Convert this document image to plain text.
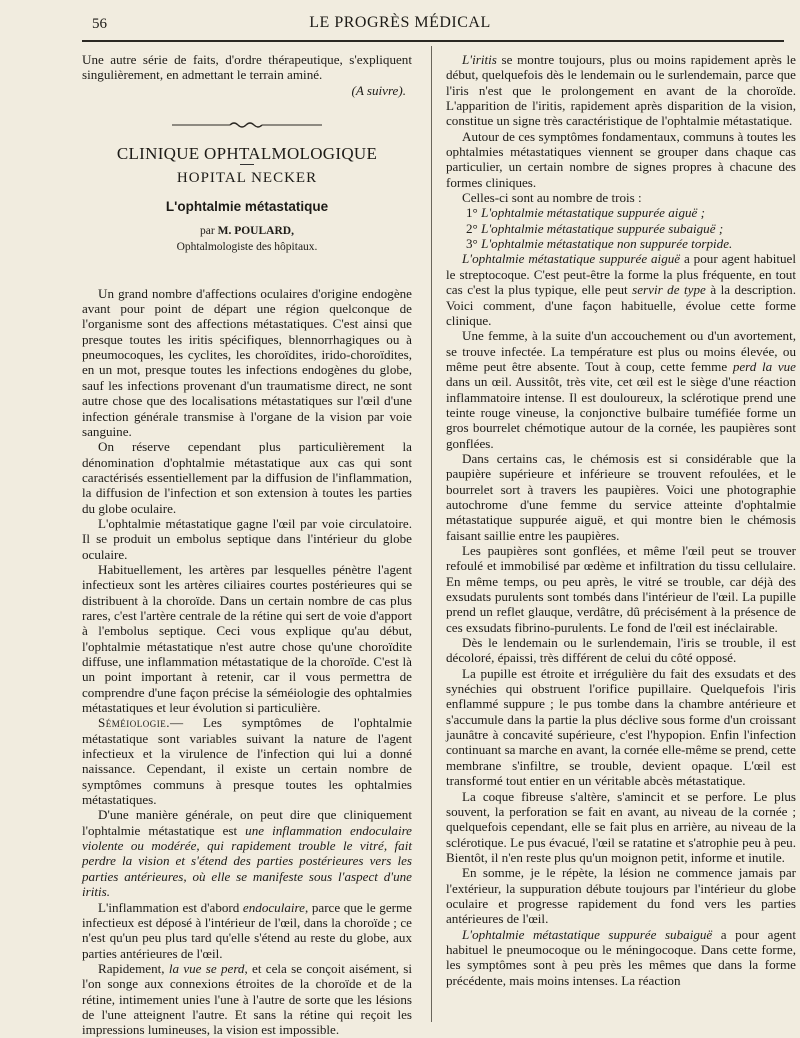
56	LE PROGRÈS MÉDICAL

Une autre série de faits, d'ordre thérapeutique, s'expliquent singulièrement, en admettant le terrain aminé.

(A suivre).

CLINIQUE OPHTALMOLOGIQUE
HOPITAL NECKER
L'ophtalmie métastatique
par M. POULARD,
Ophtalmologiste des hôpitaux.

Un grand nombre d'affections oculaires d'origine endogène avant pour point de départ une région quelconque de l'organisme sont des affections métastatiques. C'est ainsi que presque toutes les iritis spécifiques, blennorrhagiques ou à pneumocoques, les cyclites, les choroïdites, irido-choroïdites, en un mot, presque toutes les infections endogènes du globe, sauf les infections provenant d'un traumatisme direct, ne sont autre chose que des localisations métastatiques sur l'œil d'une infection générale transmise à l'organe de la vision par voie sanguine.

On réserve cependant plus particulièrement la dénomination d'ophtalmie métastatique aux cas qui sont caractérisés essentiellement par la diffusion de l'inflammation, la diffusion de l'infection et son extension à toutes les parties du globe oculaire.

L'ophtalmie métastatique gagne l'œil par voie circulatoire. Il se produit un embolus septique dans l'intérieur du globe oculaire.

Habituellement, les artères par lesquelles pénètre l'agent infectieux sont les artères ciliaires courtes postérieures qui se distribuent à la choroïde. Dans un certain nombre de cas plus rares, c'est l'artère centrale de la rétine qui sert de voie d'apport à l'embolus septique. Ceci vous explique qu'au début, l'ophtalmie métastatique n'est autre chose qu'une choroïdite diffuse, une inflammation métastatique de la choroïde. C'est là un point important à retenir, car il vous permettra de comprendre d'une façon précise la séméiologie des ophtalmies métastatiques et leur évolution si particulière.

Séméiologie.— Les symptômes de l'ophtalmie métastatique sont variables suivant la nature de l'agent infectieux et la virulence de l'infection qui lui a donné naissance. Cependant, il existe un certain nombre de symptômes communs à presque toutes les ophtalmies métastatiques.

D'une manière générale, on peut dire que cliniquement l'ophtalmie métastatique est une inflammation endoculaire violente ou modérée, qui rapidement trouble le vitré, fait perdre la vision et s'étend des parties postérieures vers les parties antérieures, où elle se manifeste sous l'aspect d'une iritis.

L'inflammation est d'abord endoculaire, parce que le germe infectieux est déposé à l'intérieur de l'œil, dans la choroïde ; ce n'est qu'un peu plus tard qu'elle s'étend au reste du globe, aux parties antérieures de l'œil.

Rapidement, la vue se perd, et cela se conçoit aisément, si l'on songe aux connexions étroites de la choroïde et de la rétine, intimement unies l'une à l'autre de sorte que les lésions de l'une atteignent l'autre. Et sans la rétine qui reçoit les impressions lumineuses, la vision est impossible.

L'iritis se montre toujours, plus ou moins rapidement après le début, quelquefois dès le lendemain ou le surlendemain, parce que l'iris n'est que le prolongement en avant de la choroïde. L'apparition de l'iritis, rapidement après disparition de la vision, constitue un signe très caractéristique de l'ophtalmie métastatique.

Autour de ces symptômes fondamentaux, communs à toutes les ophtalmies métastatiques viennent se grouper dans chaque cas particulier, un certain nombre de signes propres à chacune des formes cliniques.

Celles-ci sont au nombre de trois :

1° L'ophtalmie métastatique suppurée aiguë ;

2° L'ophtalmie métastatique suppurée subaiguë ;

3° L'ophtalmie métastatique non suppurée torpide.

L'ophtalmie métastatique suppurée aiguë a pour agent habituel le streptocoque. C'est peut-être la forme la plus fréquente, en tout cas c'est la plus typique, elle peut servir de type à la description. Voici comment, d'une façon habituelle, évolue cette forme clinique.

Une femme, à la suite d'un accouchement ou d'un avortement, se trouve infectée. La température est plus ou moins élevée, ou même peut être absente. Tout à coup, cette femme perd la vue dans un œil. Aussitôt, très vite, cet œil est le siège d'une réaction inflammatoire intense. Il est douloureux, la sclérotique prend une teinte rouge vineuse, la conjonctive bulbaire tuméfiée forme un gros bourrelet chémotique autour de la cornée, les paupières sont gonflées.

Dans certains cas, le chémosis est si considérable que la paupière supérieure et inférieure se trouvent refoulées, et le bourrelet sort à travers les paupières. Voici une photographie autochrome d'une femme du service atteinte d'ophtalmie métastatique suppurée aiguë, et qui montre bien le chémosis faisant saillie entre les paupières.

Les paupières sont gonflées, et même l'œil peut se trouver refoulé et immobilisé par œdème et infiltration du tissu cellulaire. En même temps, ou peu après, le vitré se trouble, car déjà des exsudats purulents sont tombés dans l'intérieur de l'œil. La pupille prend un reflet glauque, verdâtre, dû précisément à la présence de ces exsudats fibrino-purulents. Le fond de l'œil est inéclairable.

Dès le lendemain ou le surlendemain, l'iris se trouble, il est décoloré, épaissi, très différent de celui du côté opposé.

La pupille est étroite et irrégulière du fait des exsudats et des synéchies qui obstruent l'orifice pupillaire. Quelquefois l'iris enflammé suppure ; le pus tombe dans la chambre antérieure et s'accumule dans la partie la plus déclive sous forme d'un croissant jaunâtre à concavité supérieure, c'est l'hypopion. Enfin l'infection continuant sa marche en avant, la cornée elle-même se prend, cette membrane s'infiltre, se trouble, devient opaque. L'œil est transformé tout entier en un véritable abcès métastatique.

La coque fibreuse s'altère, s'amincit et se perfore. Le plus souvent, la perforation se fait en avant, au niveau de la cornée ; quelquefois cependant, elle se fait plus en arrière, au niveau de la sclérotique. Le pus évacué, l'œil se ratatine et s'atrophie peu à peu. Bientôt, il n'en reste plus qu'un moignon petit, informe et inutile.

En somme, je le répète, la lésion ne commence jamais par l'extérieur, la suppuration débute toujours par l'intérieur du globe oculaire et progresse rapidement du fond vers les parties antérieures de l'œil.

L'ophtalmie métastatique suppurée subaiguë a pour agent habituel le pneumocoque ou le méningocoque. Dans cette forme, les symptômes sont à peu près les mêmes que dans la forme précédente, mais moins intenses. La réaction
